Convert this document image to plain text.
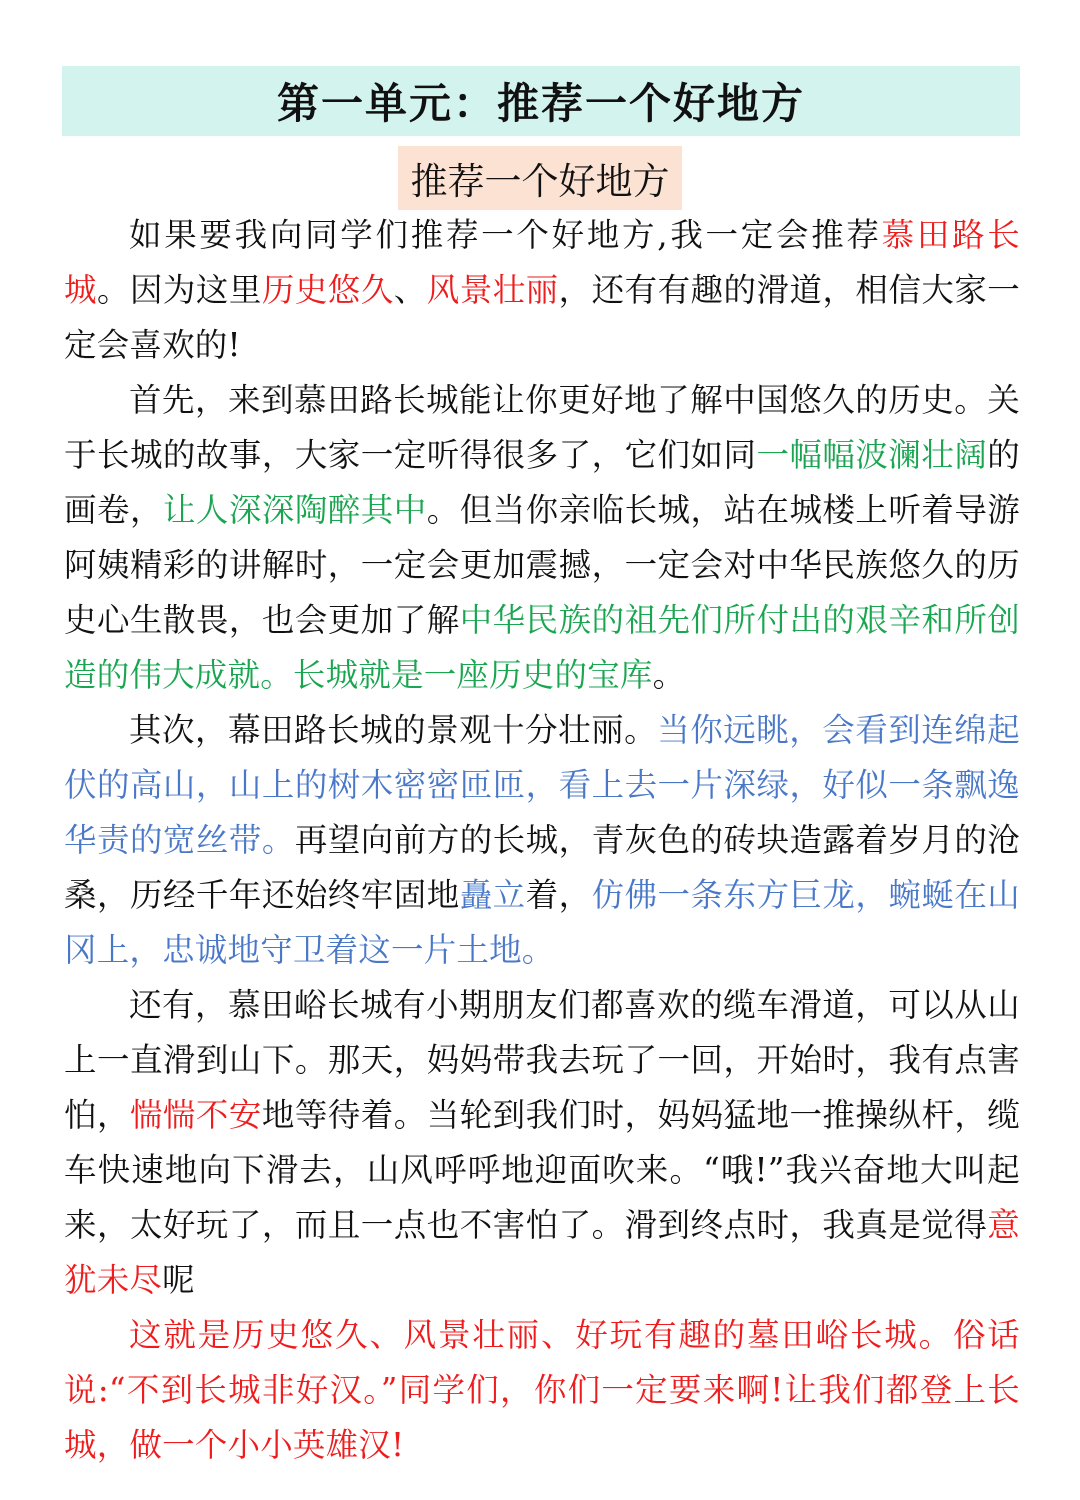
第一单元：推荐一个好地方
推荐一个好地方

如果要我向同学们推荐一个好地方,我一定会推荐慕田路长城。因为这里历史悠久、风景壮丽，还有有趣的滑道，相信大家一定会喜欢的!

首先，来到慕田路长城能让你更好地了解中国悠久的历史。关于长城的故事，大家一定听得很多了，它们如同一幅幅波澜壮阔的画卷，让人深深陶醉其中。但当你亲临长城，站在城楼上听着导游阿姨精彩的讲解时，一定会更加震撼，一定会对中华民族悠久的历史心生散畏，也会更加了解中华民族的祖先们所付出的艰辛和所创造的伟大成就。长城就是一座历史的宝库。

其次，幕田路长城的景观十分壮丽。当你远眺，会看到连绵起伏的高山，山上的树木密密匝匝，看上去一片深绿，好似一条飘逸华责的宽丝带。再望向前方的长城，青灰色的砖块造露着岁月的沧桑，历经千年还始终牢固地矗立着，仿佛一条东方巨龙，蜿蜒在山冈上，忠诚地守卫着这一片土地。

还有，慕田峪长城有小期朋友们都喜欢的缆车滑道，可以从山上一直滑到山下。那天，妈妈带我去玩了一回，开始时，我有点害怕，惴惴不安地等待着。当轮到我们时，妈妈猛地一推操纵杆，缆车快速地向下滑去，山风呼呼地迎面吹来。“哦!”我兴奋地大叫起来，太好玩了，而且一点也不害怕了。滑到终点时，我真是觉得意犹未尽呢

这就是历史悠久、风景壮丽、好玩有趣的墓田峪长城。俗话说:“不到长城非好汉。”同学们，你们一定要来啊!让我们都登上长城，做一个小小英雄汉!
